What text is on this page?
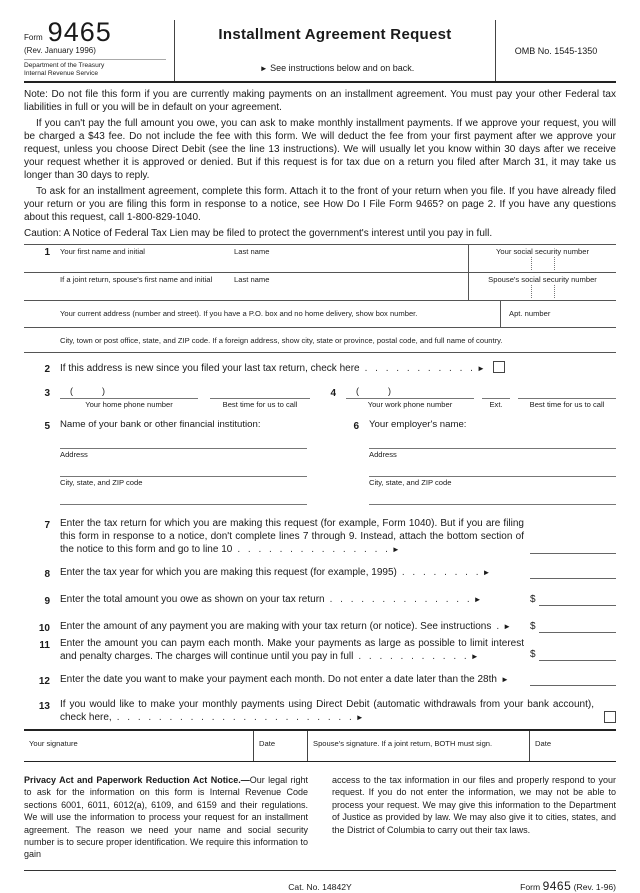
Form 9465
(Rev. January 1996)
Department of the Treasury
Internal Revenue Service
Installment Agreement Request
► See instructions below and on back.
OMB No. 1545-1350

Note: Do not file this form if you are currently making payments on an installment agreement. You must pay your other Federal tax liabilities in full or you will be in default on your agreement.

If you can't pay the full amount you owe, you can ask to make monthly installment payments. If we approve your request, you will be charged a $43 fee. Do not include the fee with this form. We will deduct the fee from your first payment after we approve your request, unless you choose Direct Debit (see the line 13 instructions). We will usually let you know within 30 days after we receive your request whether it is approved or denied. But if this request is for tax due on a return you filed after March 31, it may take us longer than 30 days to reply.

To ask for an installment agreement, complete this form. Attach it to the front of your return when you file. If you have already filed your return or you are filing this form in response to a notice, see How Do I File Form 9465? on page 2. If you have any questions about this request, call 1-800-829-1040.

Caution: A Notice of Federal Tax Lien may be filed to protect the government's interest until you pay in full.

1 Your first name and initial	Last name	Your social security number
If a joint return, spouse's first name and initial	Last name	Spouse's social security number
Your current address (number and street). If you have a P.O. box and no home delivery, show box number.	Apt. number
City, town or post office, state, and ZIP code. If a foreign address, show city, state or province, postal code, and full name of country.
2 If this address is new since you filed your last tax return, check here . . . . . . . . . . . ►
3	(      )
Your home phone number	Best time for us to call
4	(      )
Your work phone number	Ext.	Best time for us to call
5 Name of your bank or other financial institution:
Address
City, state, and ZIP code
6 Your employer's name:
Address
City, state, and ZIP code
7 Enter the tax return for which you are making this request (for example, Form 1040). But if you are filing this form in response to a notice, don't complete lines 7 through 9. Instead, attach the bottom section of the notice to this form and go to line 10 . . . . . . . . . . . . . . . ►
8 Enter the tax year for which you are making this request (for example, 1995) . . . . . . . . ►
9 Enter the total amount you owe as shown on your tax return . . . . . . . . . . . . . . ►	$
10 Enter the amount of any payment you are making with your tax return (or notice). See instructions . ►	$
11 Enter the amount you can paym each month. Make your payments as large as possible to limit interest and penalty charges. The charges will continue until you pay in full . . . . . . . . . . . ►	$
12 Enter the date you want to make your payment each month. Do not enter a date later than the 28th ►
13 If you would like to make your monthly payments using Direct Debit (automatic withdrawals from your bank account), check here, . . . . . . . . . . . . . . . . . . . . . . . ►
Your signature	Date	Spouse's signature. If a joint return, BOTH must sign.	Date
Privacy Act and Paperwork Reduction Act Notice.—Our legal right to ask for the information on this form is Internal Revenue Code sections 6001, 6011, 6012(a), 6109, and 6159 and their regulations. We will use the information to process your request for an installment agreement. The reason we need your name and social security number is to secure proper identification. We require this information to gain
access to the tax information in our files and properly respond to your request. If you do not enter the information, we may not be able to process your request. We may give this information to the Department of Justice as provided by law. We may also give it to cities, states, and the District of Columbia to carry out their tax laws.
Cat. No. 14842Y	Form 9465 (Rev. 1-96)
